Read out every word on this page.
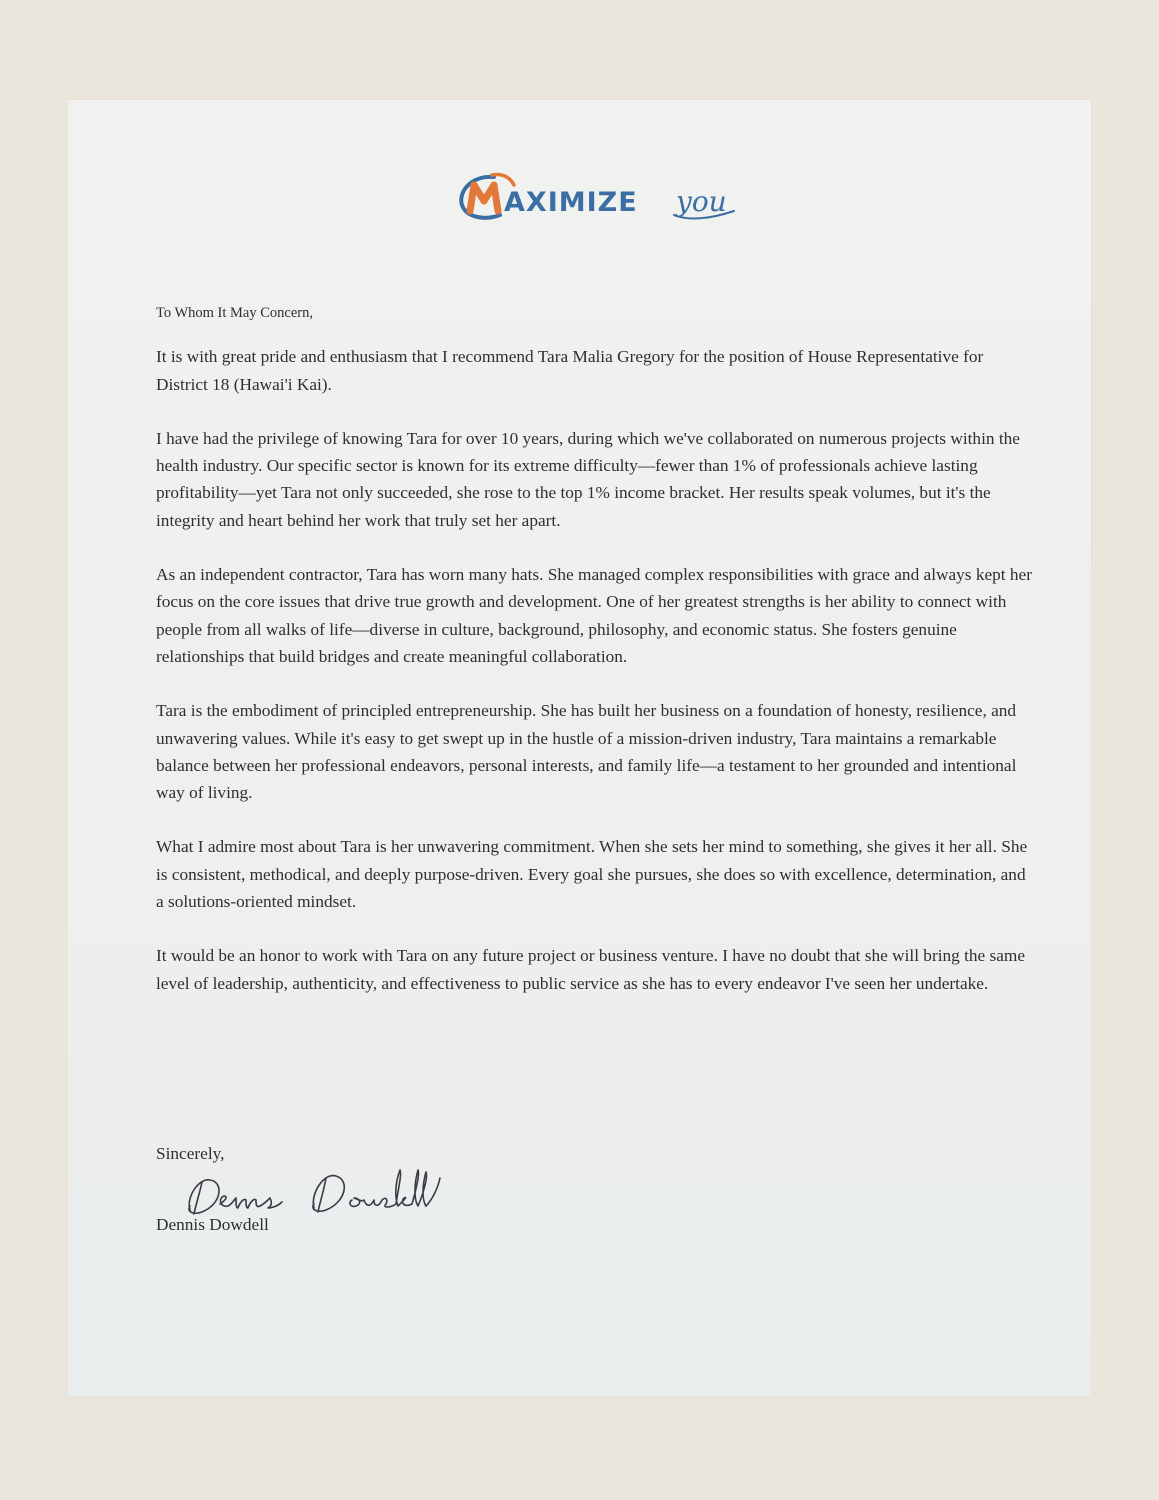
AXIMIZE you

To Whom It May Concern,

It is with great pride and enthusiasm that I recommend Tara Malia Gregory for the position of House Representative for District 18 (Hawai'i Kai).

I have had the privilege of knowing Tara for over 10 years, during which we've collaborated on numerous projects within the health industry. Our specific sector is known for its extreme difficulty—fewer than 1% of professionals achieve lasting profitability—yet Tara not only succeeded, she rose to the top 1% income bracket. Her results speak volumes, but it's the integrity and heart behind her work that truly set her apart.

As an independent contractor, Tara has worn many hats. She managed complex responsibilities with grace and always kept her focus on the core issues that drive true growth and development. One of her greatest strengths is her ability to connect with people from all walks of life—diverse in culture, background, philosophy, and economic status. She fosters genuine relationships that build bridges and create meaningful collaboration.

Tara is the embodiment of principled entrepreneurship. She has built her business on a foundation of honesty, resilience, and unwavering values. While it's easy to get swept up in the hustle of a mission-driven industry, Tara maintains a remarkable balance between her professional endeavors, personal interests, and family life—a testament to her grounded and intentional way of living.

What I admire most about Tara is her unwavering commitment. When she sets her mind to something, she gives it her all. She is consistent, methodical, and deeply purpose-driven. Every goal she pursues, she does so with excellence, determination, and a solutions-oriented mindset.

It would be an honor to work with Tara on any future project or business venture. I have no doubt that she will bring the same level of leadership, authenticity, and effectiveness to public service as she has to every endeavor I've seen her undertake.

Sincerely,
Dennis Dowdell
